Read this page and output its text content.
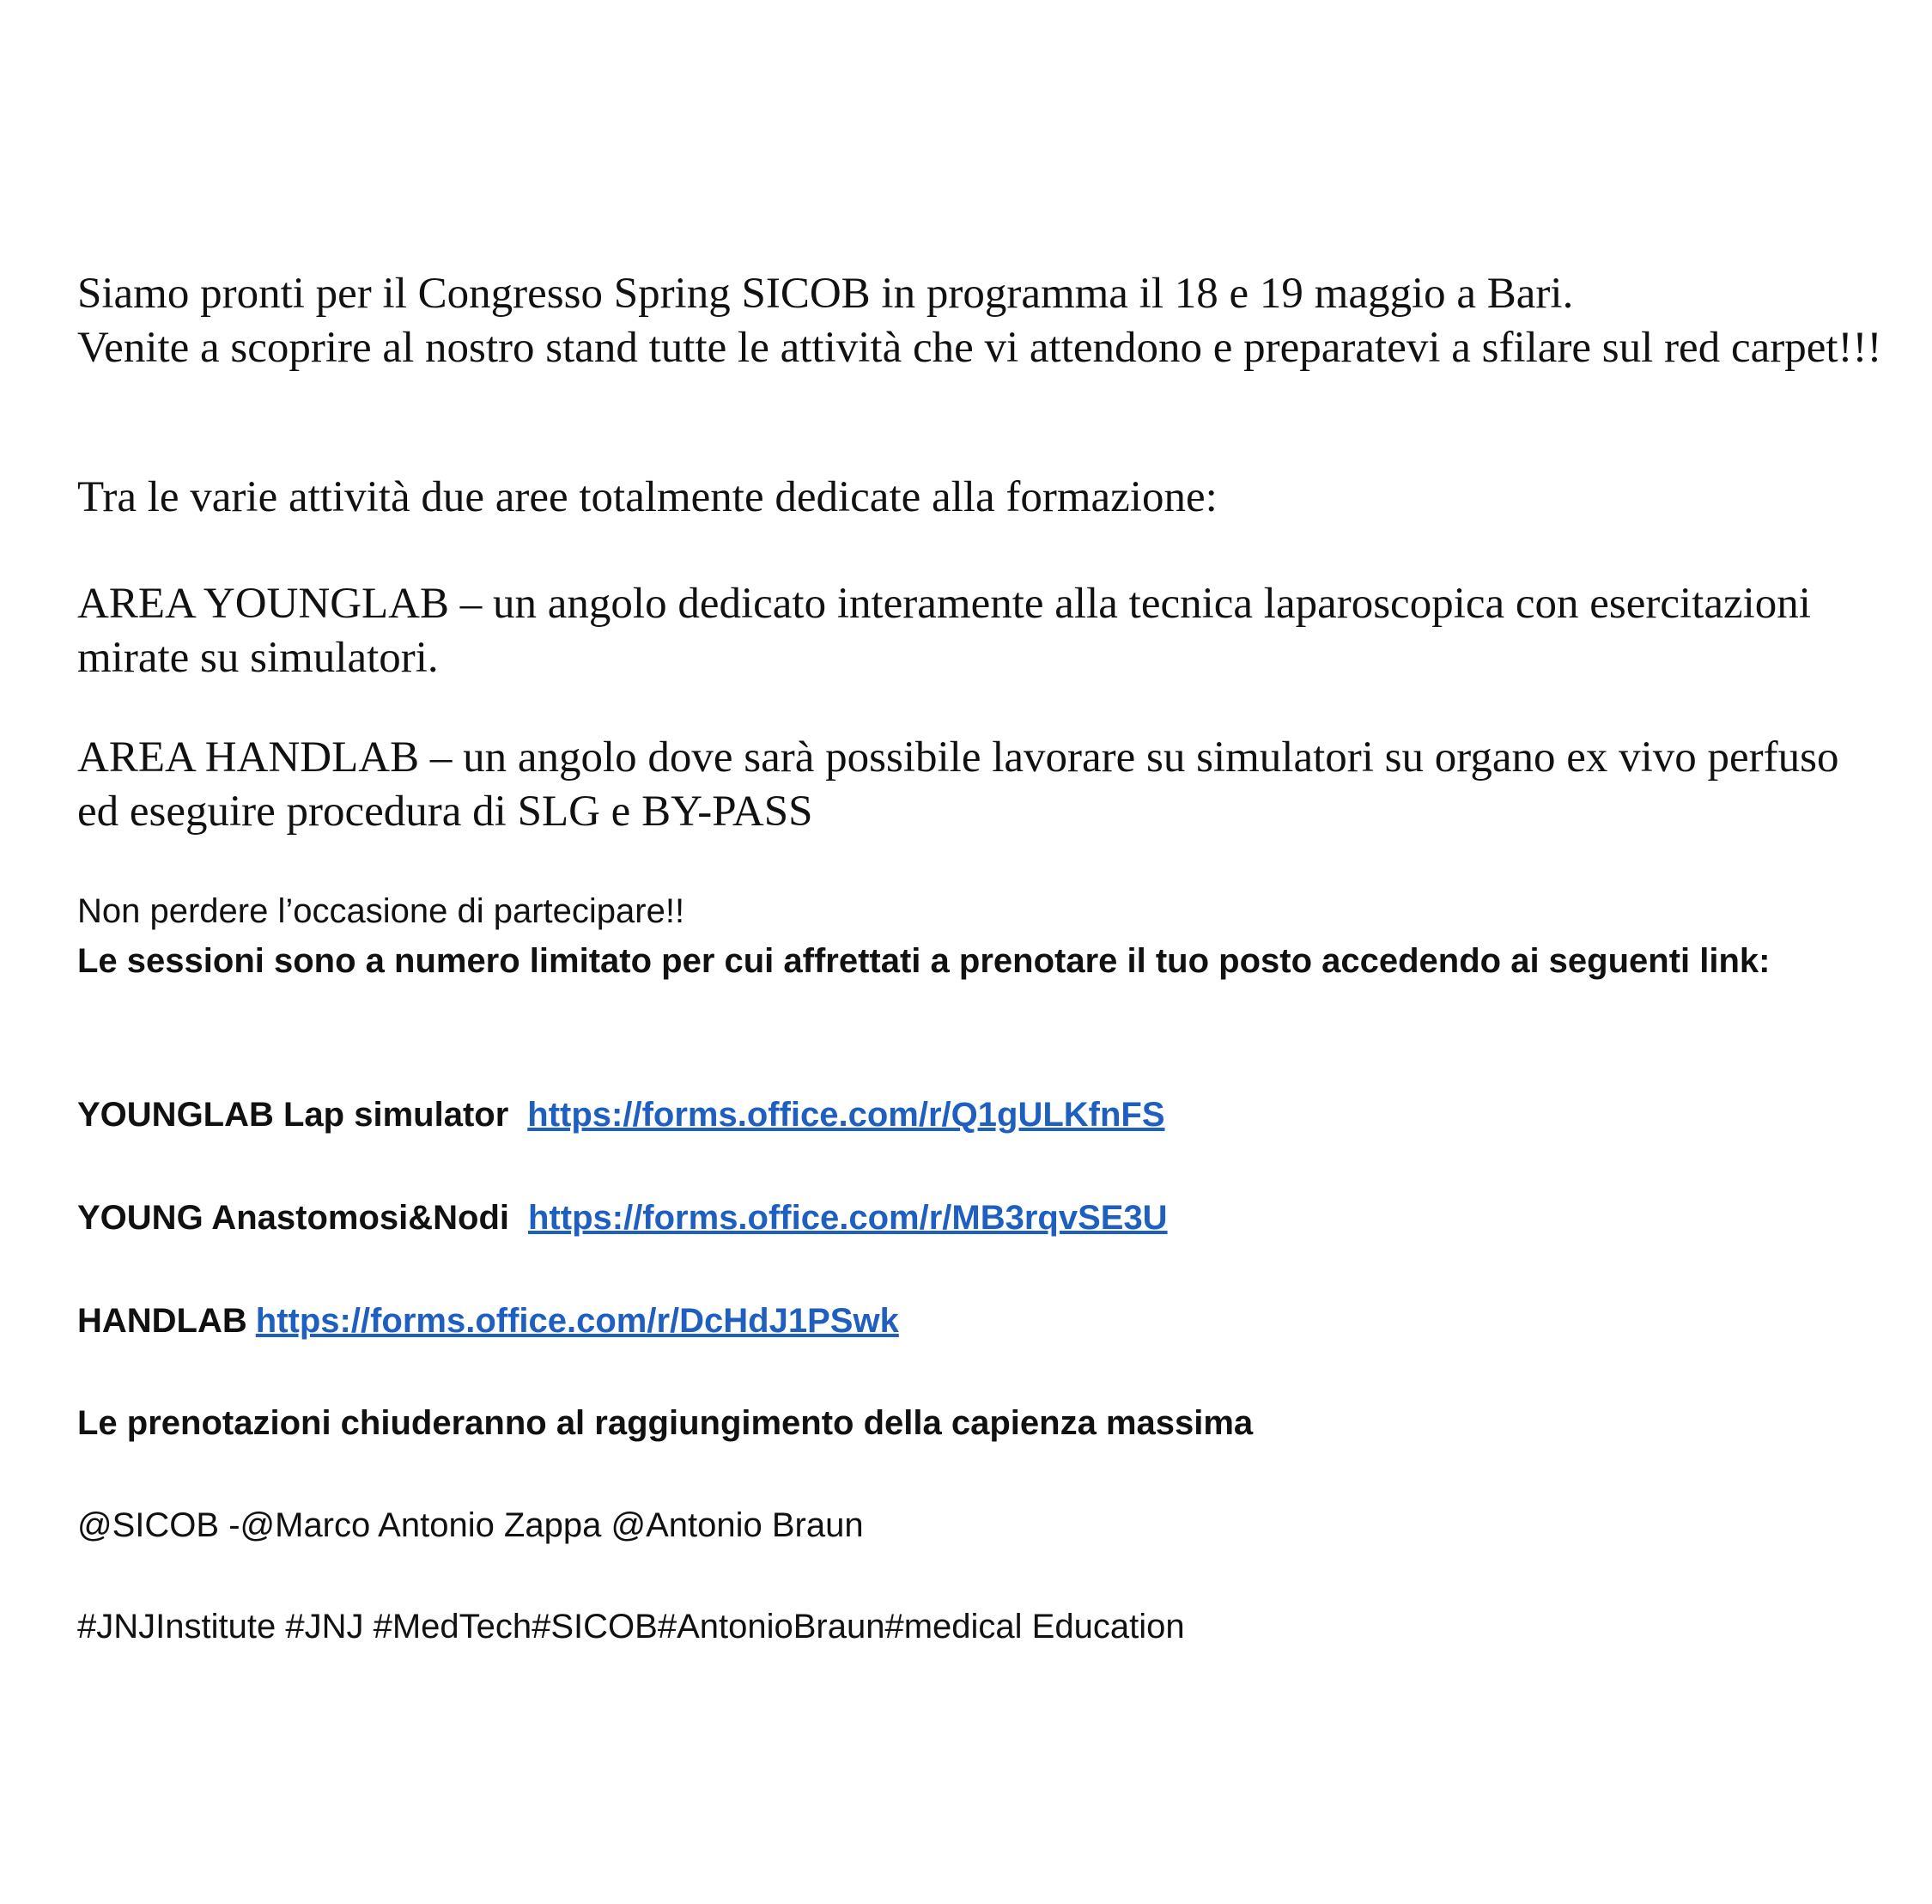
Siamo pronti per il Congresso Spring SICOB in programma il 18 e 19 maggio a Bari.
Venite a scoprire al nostro stand tutte le attività che vi attendono e preparatevi a sfilare sul red carpet!!!

Tra le varie attività due aree totalmente dedicate alla formazione:

AREA YOUNGLAB – un angolo dedicato interamente alla tecnica laparoscopica con esercitazioni mirate su simulatori.

AREA HANDLAB – un angolo dove sarà possibile lavorare su simulatori su organo ex vivo perfuso ed eseguire procedura di SLG e BY-PASS

Non perdere l’occasione di partecipare!!

Le sessioni sono a numero limitato per cui affrettati a prenotare il tuo posto accedendo ai seguenti link:

YOUNGLAB Lap simulator https://forms.office.com/r/Q1gULKfnFS

YOUNG Anastomosi&Nodi https://forms.office.com/r/MB3rqvSE3U

HANDLAB https://forms.office.com/r/DcHdJ1PSwk

Le prenotazioni chiuderanno al raggiungimento della capienza massima

@SICOB -@Marco Antonio Zappa @Antonio Braun

#JNJInstitute #JNJ #MedTech#SICOB#AntonioBraun#medical Education
